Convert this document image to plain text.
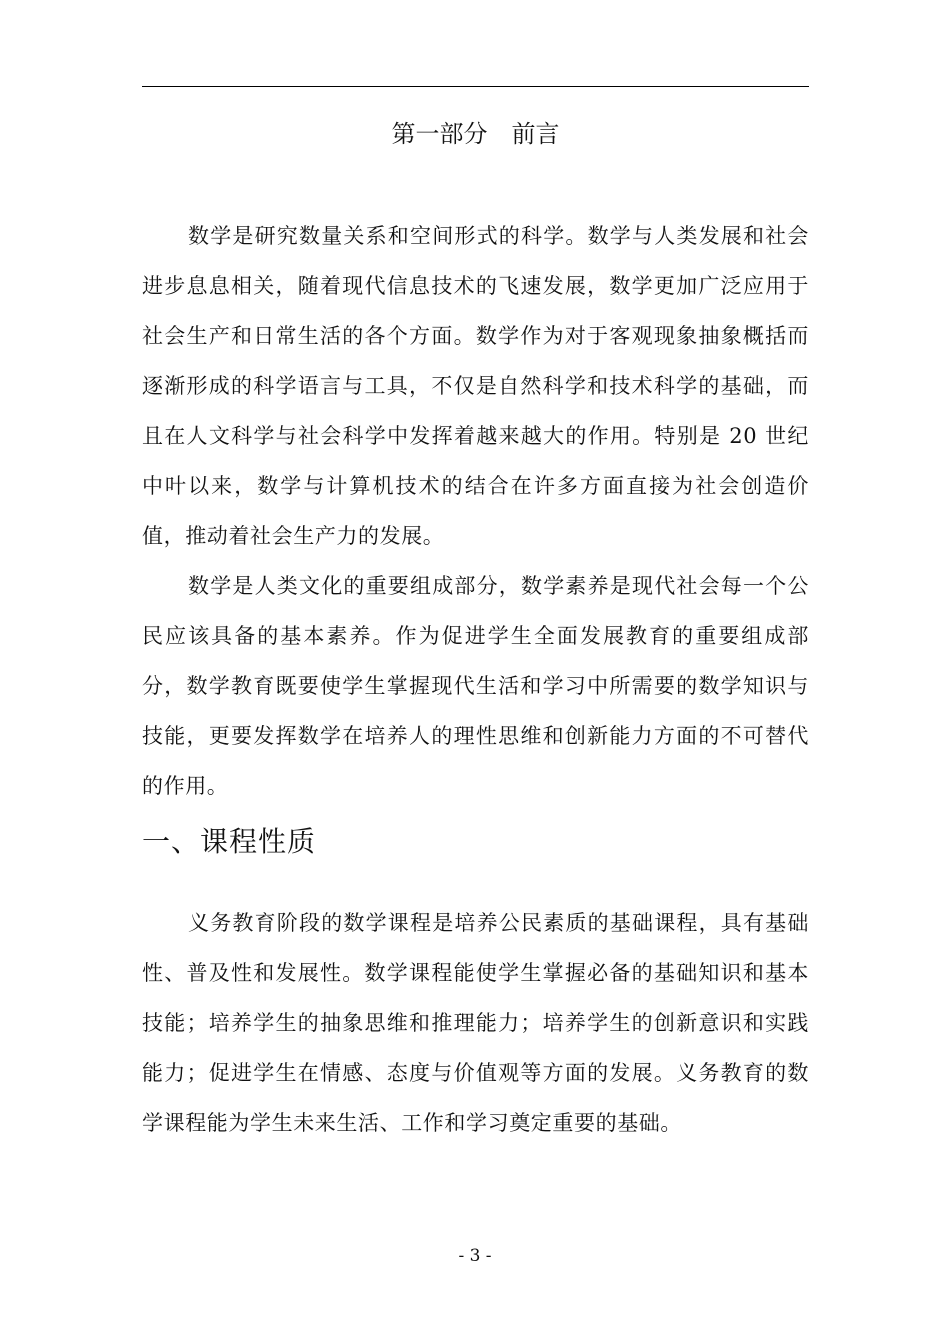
第一部分　前言

数学是研究数量关系和空间形式的科学。数学与人类发展和社会进步息息相关，随着现代信息技术的飞速发展，数学更加广泛应用于社会生产和日常生活的各个方面。数学作为对于客观现象抽象概括而逐渐形成的科学语言与工具，不仅是自然科学和技术科学的基础，而且在人文科学与社会科学中发挥着越来越大的作用。特别是 20 世纪中叶以来，数学与计算机技术的结合在许多方面直接为社会创造价值，推动着社会生产力的发展。

数学是人类文化的重要组成部分，数学素养是现代社会每一个公民应该具备的基本素养。作为促进学生全面发展教育的重要组成部分，数学教育既要使学生掌握现代生活和学习中所需要的数学知识与技能，更要发挥数学在培养人的理性思维和创新能力方面的不可替代的作用。

一、课程性质

义务教育阶段的数学课程是培养公民素质的基础课程，具有基础性、普及性和发展性。数学课程能使学生掌握必备的基础知识和基本技能；培养学生的抽象思维和推理能力；培养学生的创新意识和实践能力；促进学生在情感、态度与价值观等方面的发展。义务教育的数学课程能为学生未来生活、工作和学习奠定重要的基础。

- 3 -
